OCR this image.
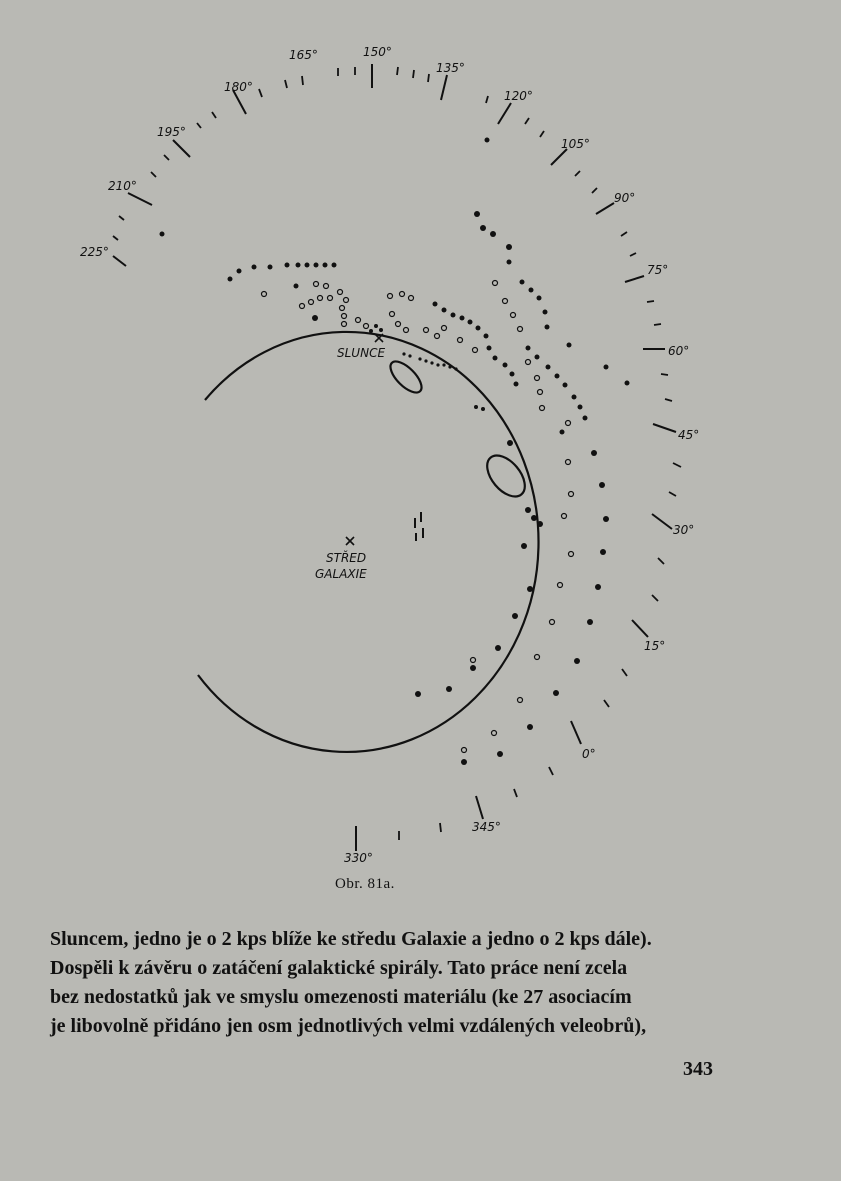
SLUNCE
STŘED
GALAXIE
0°
15°
30°
45°
60°
75°
90°
105°
120°
135°
150°
165°
180°
195°
210°
225°
330°
345°
Obr. 81a.
Sluncem, jedno je o 2 kps blíže ke středu Galaxie a jedno o 2 kps dále).
Dospěli k závěru o zatáčení galaktické spirály. Tato práce není zcela
bez nedostatků jak ve smyslu omezenosti materiálu (ke 27 asociacím
je libovolně přidáno jen osm jednotlivých velmi vzdálených veleobrů),
343
